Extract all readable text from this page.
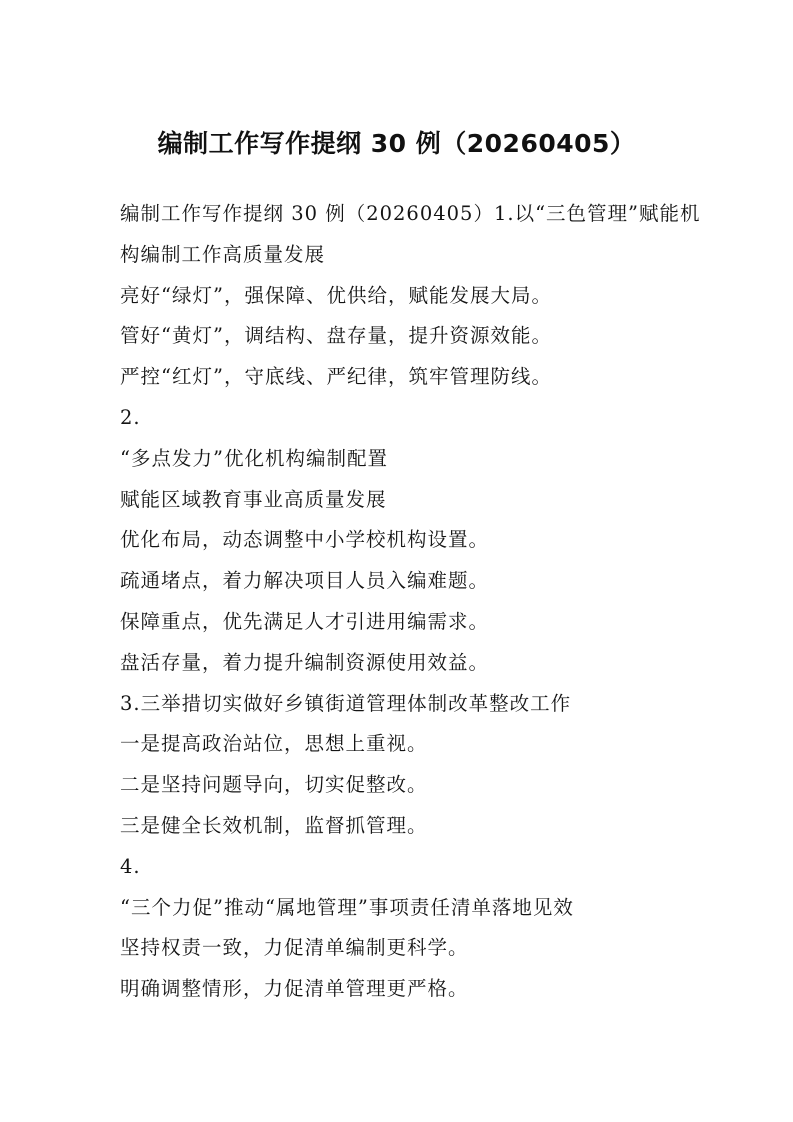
编制工作写作提纲 30 例（20260405）
编制工作写作提纲 30 例（20260405）1.以“三色管理”赋能机
构编制工作高质量发展
亮好“绿灯”，强保障、优供给，赋能发展大局。
管好“黄灯”，调结构、盘存量，提升资源效能。
严控“红灯”，守底线、严纪律，筑牢管理防线。
2.
“多点发力”优化机构编制配置
赋能区域教育事业高质量发展
优化布局，动态调整中小学校机构设置。
疏通堵点，着力解决项目人员入编难题。
保障重点，优先满足人才引进用编需求。
盘活存量，着力提升编制资源使用效益。
3.三举措切实做好乡镇街道管理体制改革整改工作
一是提高政治站位，思想上重视。
二是坚持问题导向，切实促整改。
三是健全长效机制，监督抓管理。
4.
“三个力促”推动“属地管理”事项责任清单落地见效
坚持权责一致，力促清单编制更科学。
明确调整情形，力促清单管理更严格。
